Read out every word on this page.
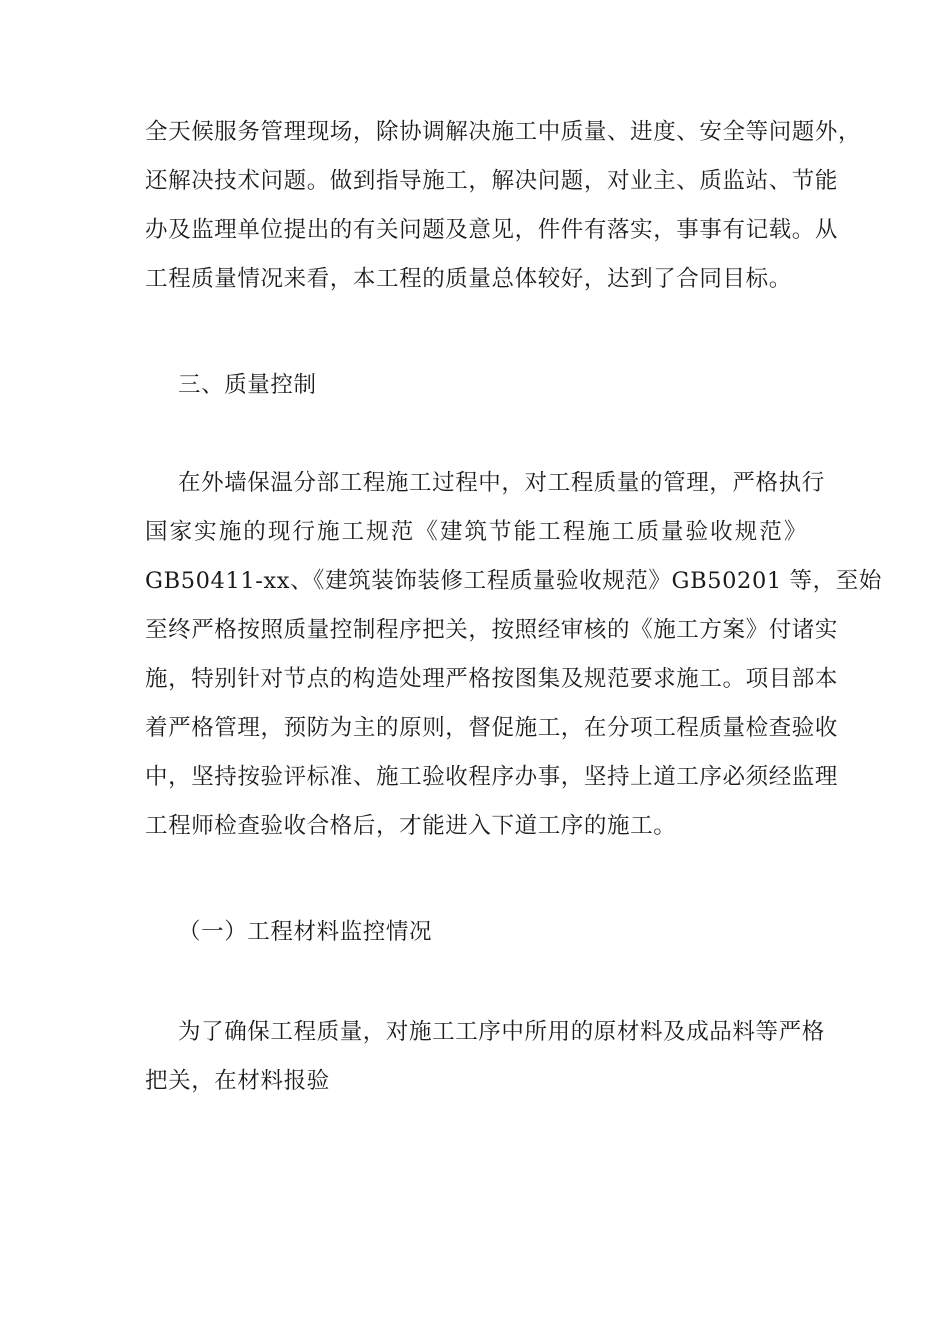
全天候服务管理现场，除协调解决施工中质量、进度、安全等问题外，
还解决技术问题。做到指导施工，解决问题，对业主、质监站、节能
办及监理单位提出的有关问题及意见，件件有落实，事事有记载。从
工程质量情况来看，本工程的质量总体较好，达到了合同目标。
三、质量控制
在外墙保温分部工程施工过程中，对工程质量的管理，严格执行
国家实施的现行施工规范《建筑节能工程施工质量验收规范》
GB50411-xx、《建筑装饰装修工程质量验收规范》GB50201 等，至始
至终严格按照质量控制程序把关，按照经审核的《施工方案》付诸实
施，特别针对节点的构造处理严格按图集及规范要求施工。项目部本
着严格管理，预防为主的原则，督促施工，在分项工程质量检查验收
中，坚持按验评标准、施工验收程序办事，坚持上道工序必须经监理
工程师检查验收合格后，才能进入下道工序的施工。
（一）工程材料监控情况
为了确保工程质量，对施工工序中所用的原材料及成品料等严格
把关，在材料报验
